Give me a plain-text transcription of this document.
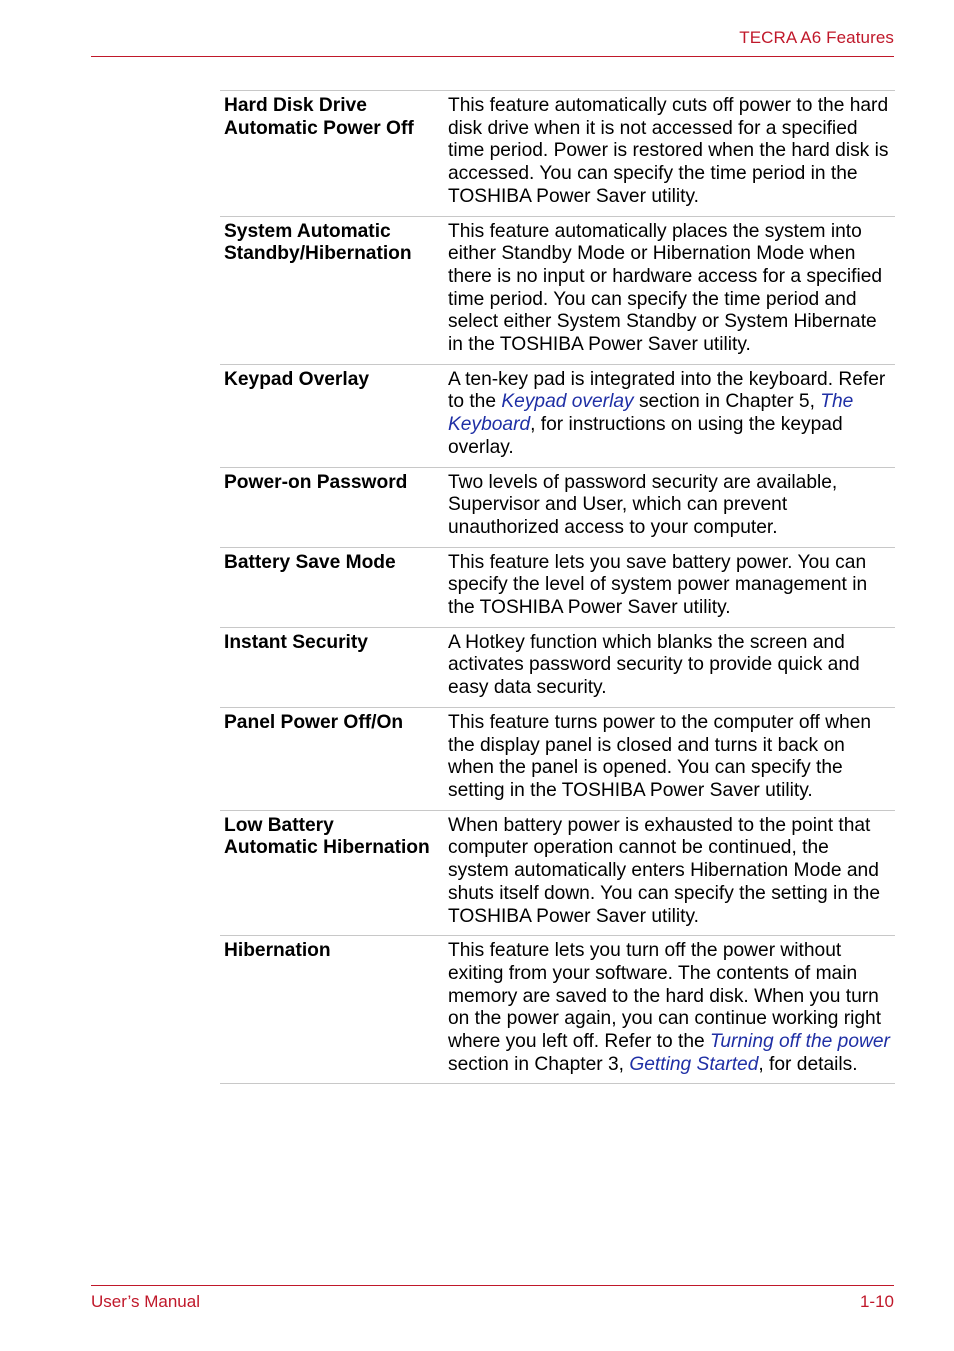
TECRA A6 Features
Hard Disk Drive
Automatic Power Off	This feature automatically cuts off power to the hard disk drive when it is not accessed for a specified time period. Power is restored when the hard disk is accessed. You can specify the time period in the TOSHIBA Power Saver utility.
System Automatic
Standby/Hibernation	This feature automatically places the system into either Standby Mode or Hibernation Mode when there is no input or hardware access for a specified time period. You can specify the time period and select either System Standby or System Hibernate in the TOSHIBA Power Saver utility.
Keypad Overlay	A ten-key pad is integrated into the keyboard. Refer to the Keypad overlay section in Chapter 5, The Keyboard, for instructions on using the keypad overlay.
Power-on Password	Two levels of password security are available, Supervisor and User, which can prevent unauthorized access to your computer.
Battery Save Mode	This feature lets you save battery power. You can specify the level of system power management in the TOSHIBA Power Saver utility.
Instant Security	A Hotkey function which blanks the screen and activates password security to provide quick and easy data security.
Panel Power Off/On	This feature turns power to the computer off when the display panel is closed and turns it back on when the panel is opened. You can specify the setting in the TOSHIBA Power Saver utility.
Low Battery
Automatic Hibernation	When battery power is exhausted to the point that computer operation cannot be continued, the system automatically enters Hibernation Mode and shuts itself down. You can specify the setting in the TOSHIBA Power Saver utility.
Hibernation	This feature lets you turn off the power without exiting from your software. The contents of main memory are saved to the hard disk. When you turn on the power again, you can continue working right where you left off. Refer to the Turning off the power section in Chapter 3, Getting Started, for details.
User’s Manual	1-10
